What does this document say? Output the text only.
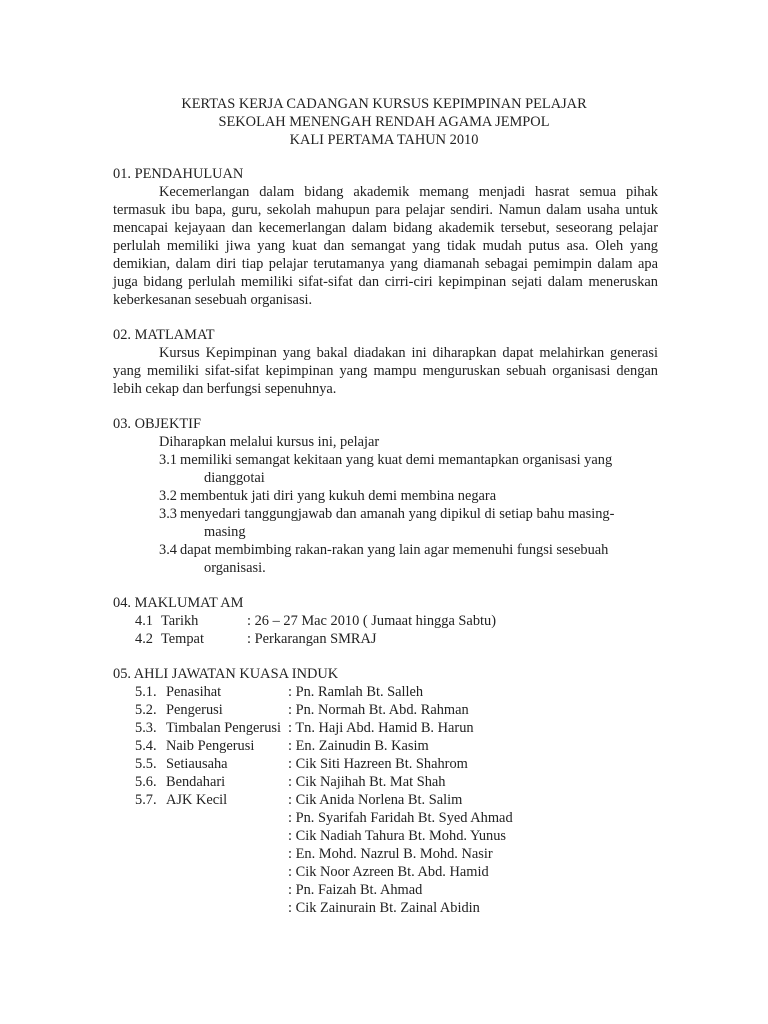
KERTAS KERJA CADANGAN KURSUS KEPIMPINAN PELAJAR
SEKOLAH MENENGAH RENDAH AGAMA JEMPOL
KALI PERTAMA TAHUN 2010
01. PENDAHULUAN
Kecemerlangan dalam bidang akademik memang menjadi hasrat semua pihak termasuk ibu bapa, guru, sekolah mahupun para pelajar sendiri. Namun dalam usaha untuk mencapai kejayaan dan kecemerlangan dalam bidang akademik tersebut, seseorang pelajar perlulah memiliki jiwa yang kuat dan semangat yang tidak mudah putus asa. Oleh yang demikian, dalam diri tiap pelajar terutamanya yang diamanah sebagai pemimpin dalam apa juga bidang perlulah memiliki sifat-sifat dan cirri-ciri kepimpinan sejati dalam meneruskan keberkesanan sesebuah organisasi.
02. MATLAMAT
Kursus Kepimpinan yang bakal diadakan ini diharapkan dapat melahirkan generasi yang memiliki sifat-sifat kepimpinan yang mampu menguruskan sebuah organisasi dengan lebih cekap dan berfungsi sepenuhnya.
03. OBJEKTIF
Diharapkan melalui kursus ini, pelajar
3.1 memiliki semangat kekitaan yang kuat demi memantapkan organisasi yang
dianggotai
3.2 membentuk jati diri yang kukuh demi membina negara
3.3 menyedari tanggungjawab dan amanah yang dipikul di setiap bahu masing-
masing
3.4 dapat membimbing rakan-rakan yang lain agar memenuhi fungsi sesebuah
organisasi.
04. MAKLUMAT AM
4.1 Tarikh	: 26 – 27 Mac 2010 ( Jumaat hingga Sabtu)
4.2 Tempat	: Perkarangan SMRAJ
05. AHLI JAWATAN KUASA INDUK
5.1. Penasihat	: Pn. Ramlah Bt. Salleh
5.2. Pengerusi	: Pn. Normah Bt. Abd. Rahman
5.3. Timbalan Pengerusi : Tn. Haji Abd. Hamid B. Harun
5.4. Naib Pengerusi : En. Zainudin B. Kasim
5.5. Setiausaha	: Cik Siti Hazreen Bt. Shahrom
5.6. Bendahari	: Cik Najihah Bt. Mat Shah
5.7. AJK Kecil	: Cik Anida Norlena Bt. Salim
: Pn. Syarifah Faridah Bt. Syed Ahmad
: Cik Nadiah Tahura Bt. Mohd. Yunus
: En. Mohd. Nazrul B. Mohd. Nasir
: Cik Noor Azreen Bt. Abd. Hamid
: Pn. Faizah Bt. Ahmad
: Cik Zainurain Bt. Zainal Abidin
